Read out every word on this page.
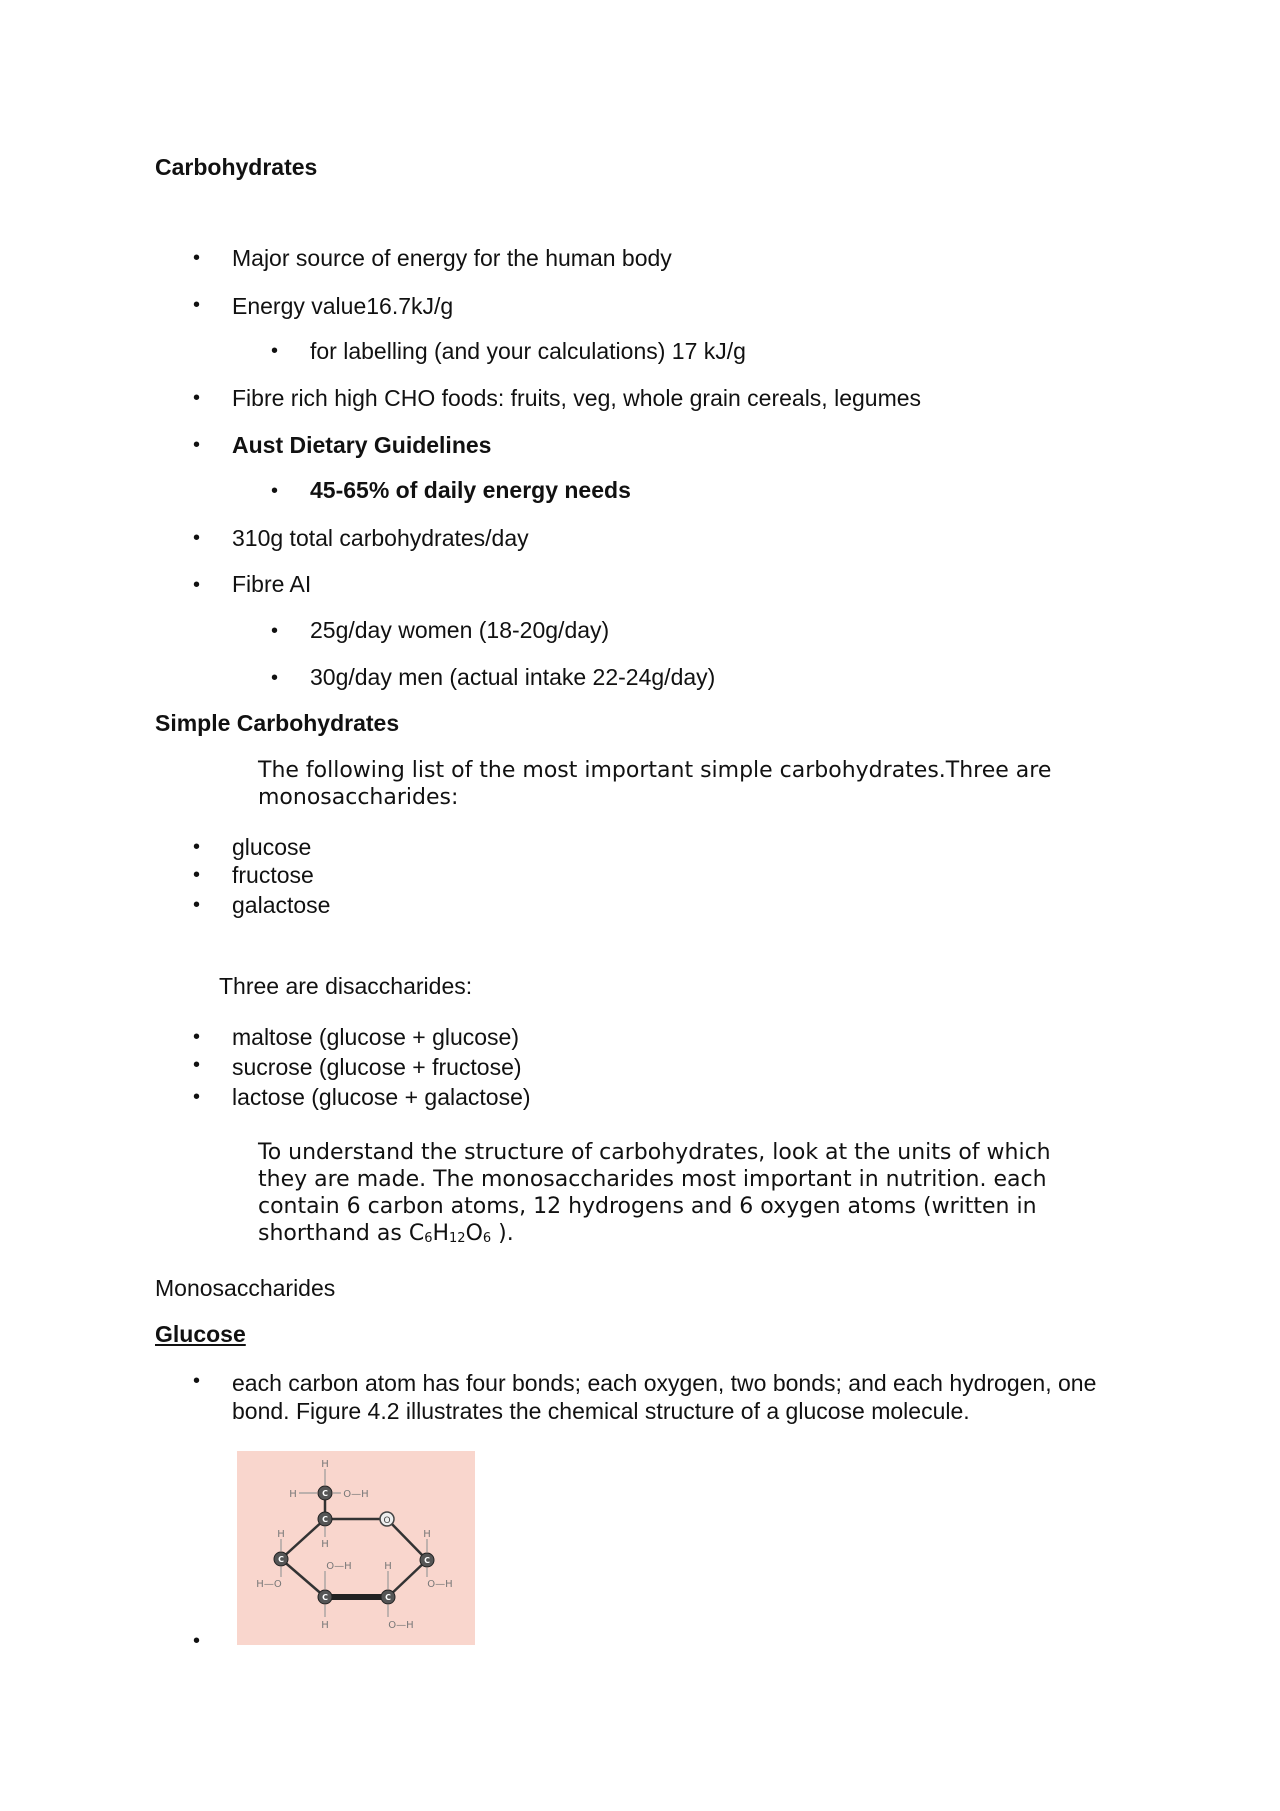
Carbohydrates
• Major source of energy for the human body
• Energy value16.7kJ/g
• for labelling (and your calculations) 17 kJ/g
• Fibre rich high CHO foods: fruits, veg, whole grain cereals, legumes
• Aust Dietary Guidelines
• 45-65% of daily energy needs
• 310g total carbohydrates/day
• Fibre AI
• 25g/day women (18-20g/day)
• 30g/day men (actual intake 22-24g/day)
Simple Carbohydrates
The following list of the most important simple carbohydrates.Three are
monosaccharides:
• glucose
• fructose
• galactose
Three are disaccharides:
• maltose (glucose + glucose)
• sucrose (glucose + fructose)
• lactose (glucose + galactose)
To understand the structure of carbohydrates, look at the units of which
they are made. The monosaccharides most important in nutrition. each
contain 6 carbon atoms, 12 hydrogens and 6 oxygen atoms (written in
shorthand as $C_6H_{12}O_6$ ).
Monosaccharides
Glucose
• each carbon atom has four bonds; each oxygen, two bonds; and each hydrogen, one
bond. Figure 4.2 illustrates the chemical structure of a glucose molecule.
C
C
C	C
C	C
O
H
H	O—H
H
H	H
H—O	O—H
O—H	H
H	O—H
•
